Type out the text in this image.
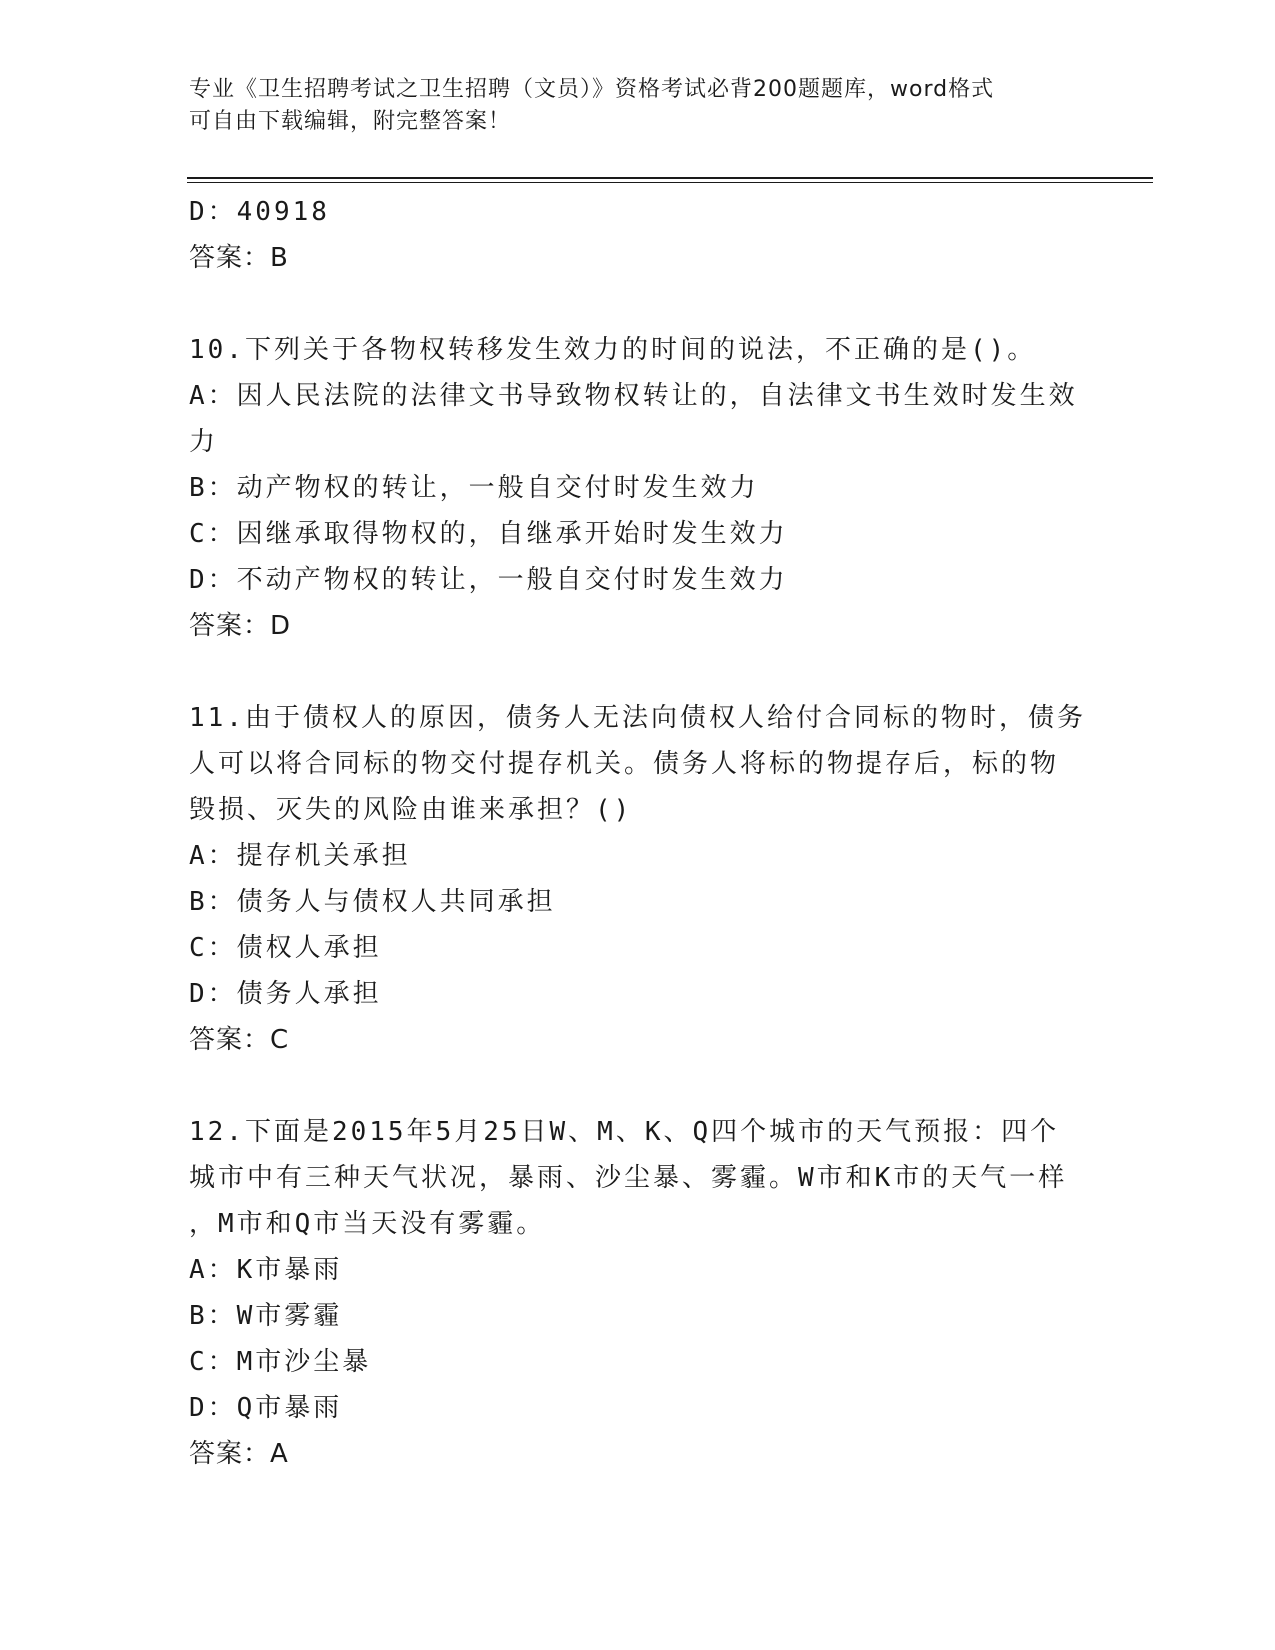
专业《卫生招聘考试之卫生招聘（文员）》资格考试必背200题题库，word格式
可自由下载编辑，附完整答案！
D：40918
答案：B
10.下列关于各物权转移发生效力的时间的说法，不正确的是()。
A：因人民法院的法律文书导致物权转让的，自法律文书生效时发生效
力
B：动产物权的转让，一般自交付时发生效力
C：因继承取得物权的，自继承开始时发生效力
D：不动产物权的转让，一般自交付时发生效力
答案：D
11.由于债权人的原因，债务人无法向债权人给付合同标的物时，债务
人可以将合同标的物交付提存机关。债务人将标的物提存后，标的物
毁损、灭失的风险由谁来承担？()
A：提存机关承担
B：债务人与债权人共同承担
C：债权人承担
D：债务人承担
答案：C
12.下面是2015年5月25日W、M、K、Q四个城市的天气预报：四个
城市中有三种天气状况，暴雨、沙尘暴、雾霾。W市和K市的天气一样
，M市和Q市当天没有雾霾。
A：K市暴雨
B：W市雾霾
C：M市沙尘暴
D：Q市暴雨
答案：A
